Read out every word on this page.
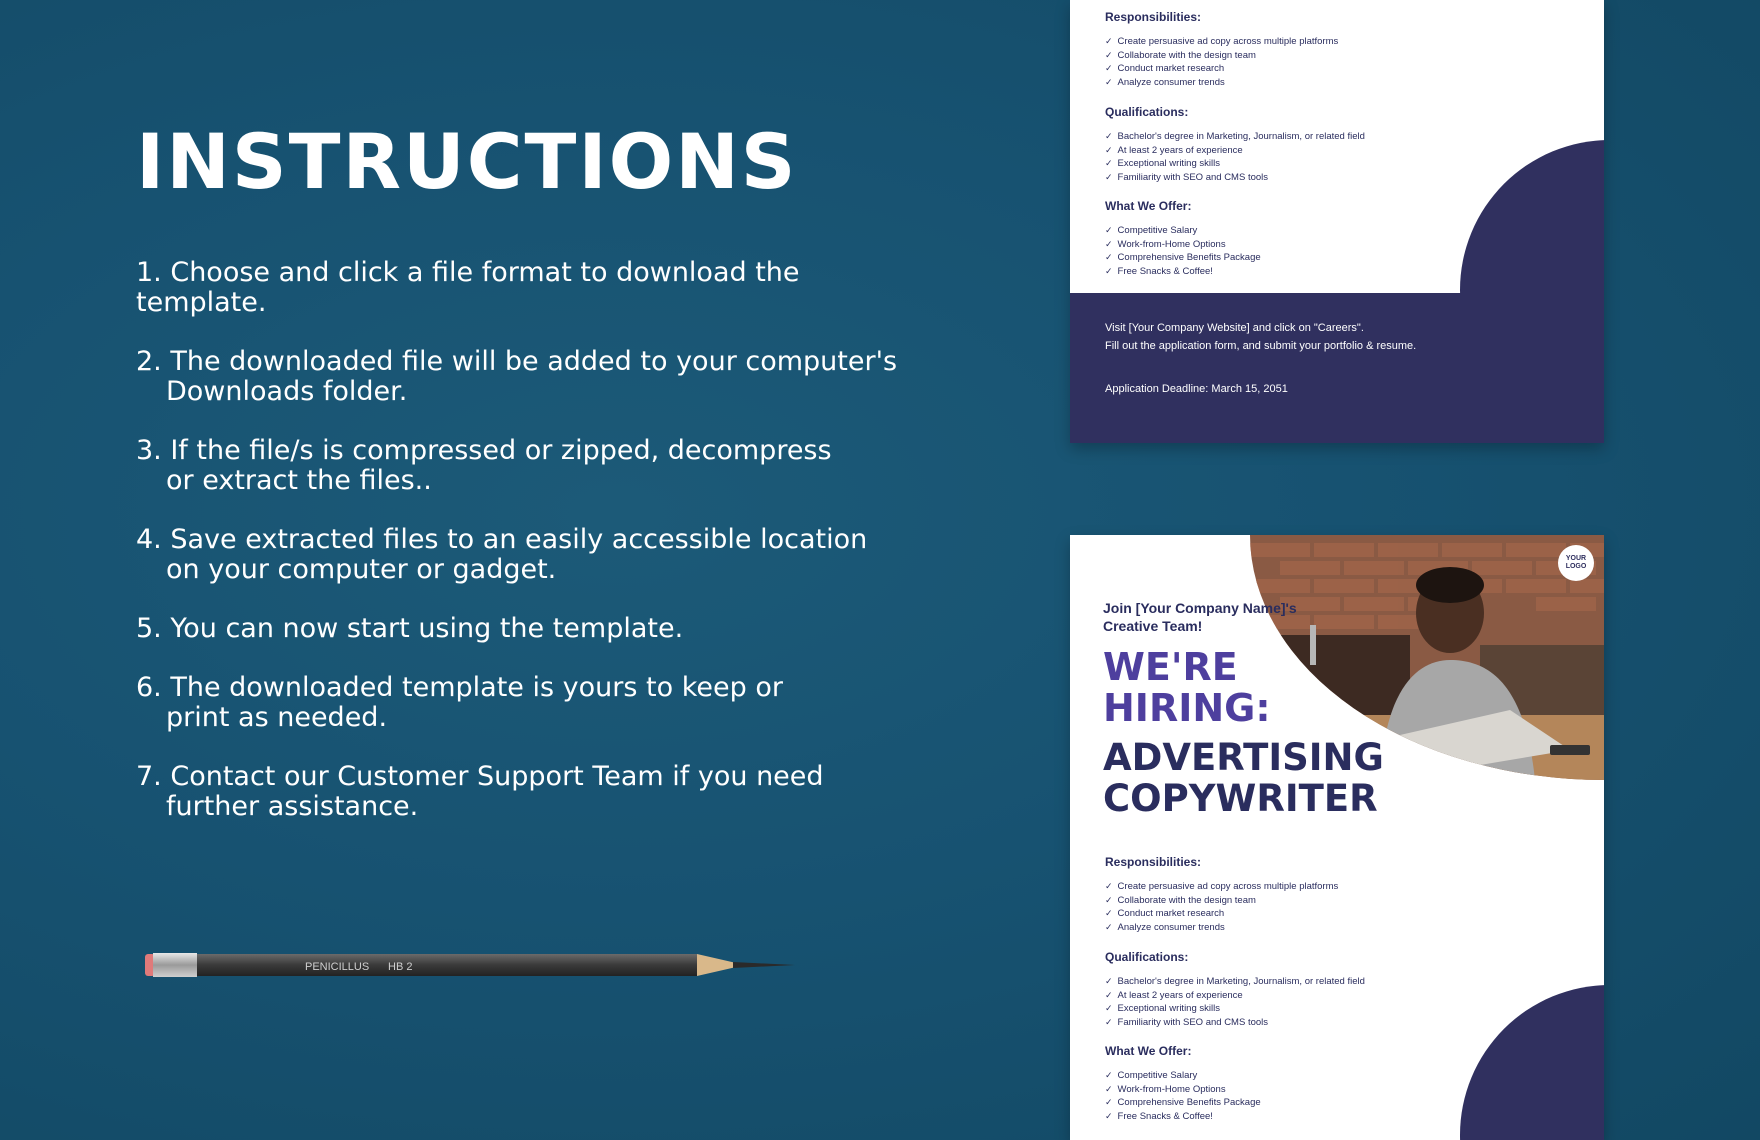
INSTRUCTIONS
1. Choose and click a file format to download the template.
2. The downloaded file will be added to your computer's
Downloads folder.
3. If the file/s is compressed or zipped, decompress
or extract the files..
4. Save extracted files to an easily accessible location
on your computer or gadget.
5. You can now start using the template.
6. The downloaded template is yours to keep or
print as needed.
7. Contact our Customer Support Team if you need
further assistance.
PENICILLUS HB 2

Responsibilities:

✓ Create persuasive ad copy across multiple platforms
✓ Collaborate with the design team
✓ Conduct market research
✓ Analyze consumer trends

Qualifications:

✓ Bachelor's degree in Marketing, Journalism, or related field
✓ At least 2 years of experience
✓ Exceptional writing skills
✓ Familiarity with SEO and CMS tools

What We Offer:

✓ Competitive Salary
✓ Work-from-Home Options
✓ Comprehensive Benefits Package
✓ Free Snacks & Coffee!

Visit [Your Company Website] and click on "Careers".

Fill out the application form, and submit your portfolio & resume.

Application Deadline: March 15, 2051

YOUR LOGO

Join [Your Company Name]'s Creative Team!

WE'RE HIRING:
ADVERTISING COPYWRITER

Responsibilities:

✓ Create persuasive ad copy across multiple platforms
✓ Collaborate with the design team
✓ Conduct market research
✓ Analyze consumer trends

Qualifications:

✓ Bachelor's degree in Marketing, Journalism, or related field
✓ At least 2 years of experience
✓ Exceptional writing skills
✓ Familiarity with SEO and CMS tools

What We Offer:

✓ Competitive Salary
✓ Work-from-Home Options
✓ Comprehensive Benefits Package
✓ Free Snacks & Coffee!
